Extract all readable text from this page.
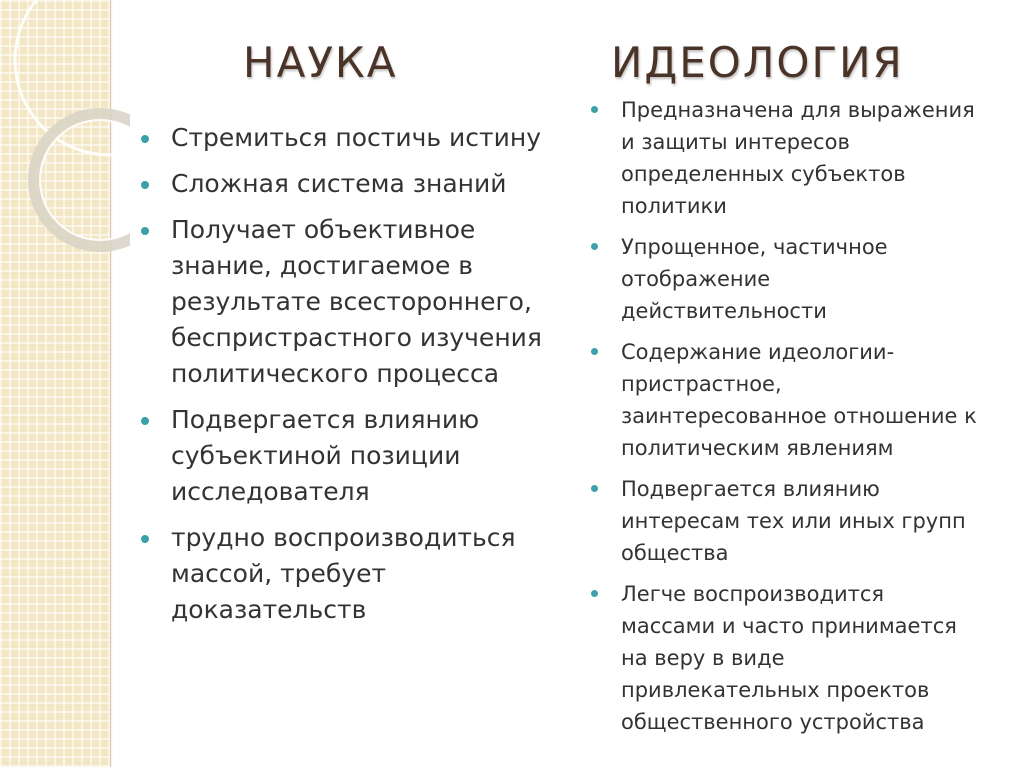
НАУКА	ИДЕОЛОГИЯ
Стремиться постичь истину
Сложная система знаний
Получает объективное
знание, достигаемое в
результате всестороннего,
беспристрастного изучения
политического процесса
Подвергается влиянию
субъектиной позиции
исследователя
трудно воспроизводиться
массой, требует
доказательств
Предназначена для выражения
и защиты интересов
определенных субъектов
политики
Упрощенное, частичное
отображение
действительности
Содержание идеологии-
пристрастное,
заинтересованное отношение к
политическим явлениям
Подвергается влиянию
интересам тех или иных групп
общества
Легче воспроизводится
массами и часто принимается
на веру в виде
привлекательных проектов
общественного устройства
